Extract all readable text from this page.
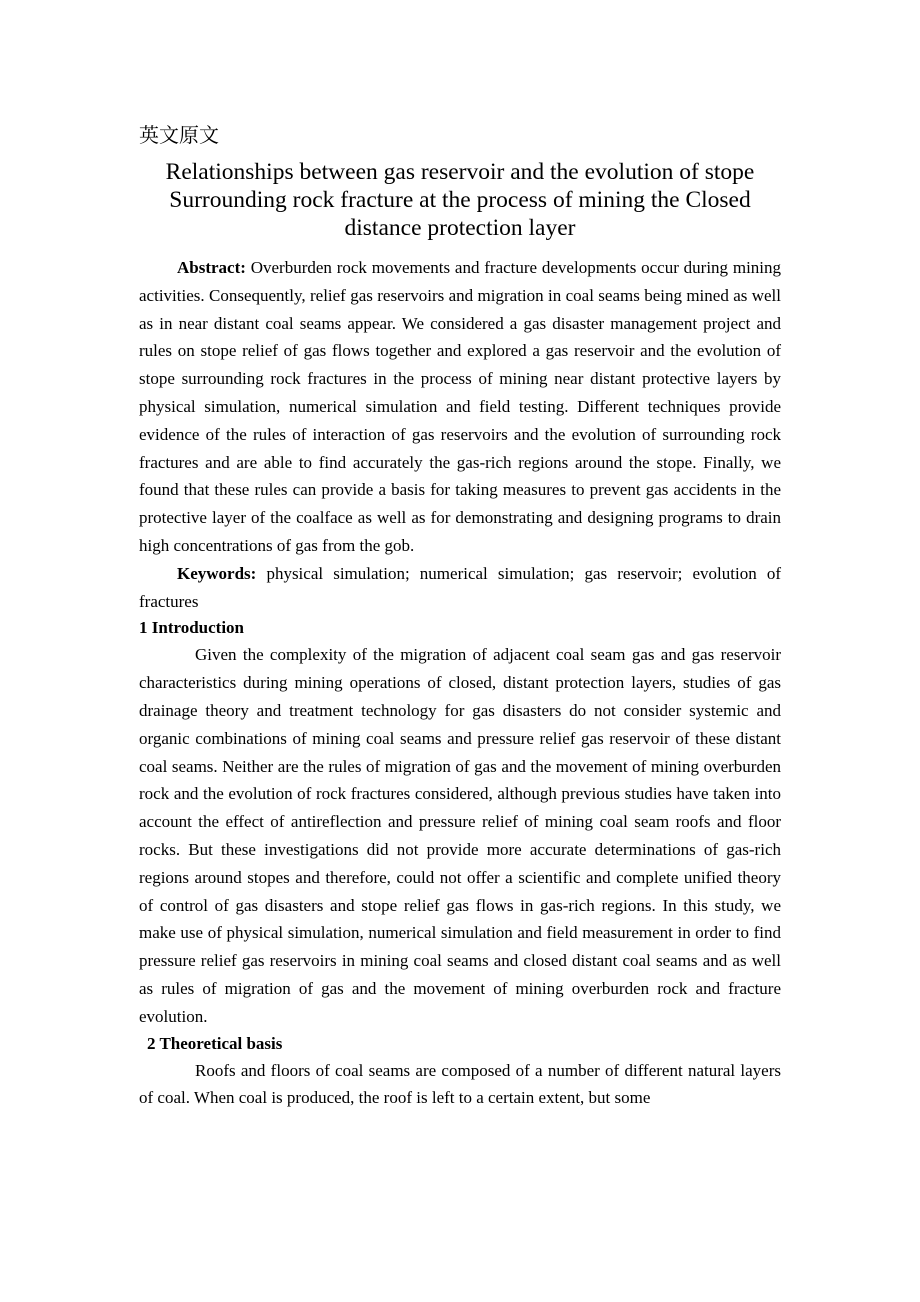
英文原文
Relationships between gas reservoir and the evolution of stope
Surrounding rock fracture at the process of mining the Closed
distance protection layer

Abstract: Overburden rock movements and fracture developments occur during mining activities. Consequently, relief gas reservoirs and migration in coal seams being mined as well as in near distant coal seams appear. We considered a gas disaster management project and rules on stope relief of gas flows together and explored a gas reservoir and the evolution of stope surrounding rock fractures in the process of mining near distant protective layers by physical simulation, numerical simulation and field testing. Different techniques provide evidence of the rules of interaction of gas reservoirs and the evolution of surrounding rock fractures and are able to find accurately the gas-rich regions around the stope. Finally, we found that these rules can provide a basis for taking measures to prevent gas accidents in the protective layer of the coalface as well as for demonstrating and designing programs to drain high concentrations of gas from the gob.

Keywords: physical simulation; numerical simulation; gas reservoir; evolution of fractures

1 Introduction

Given the complexity of the migration of adjacent coal seam gas and gas reservoir characteristics during mining operations of closed, distant protection layers, studies of gas drainage theory and treatment technology for gas disasters do not consider systemic and organic combinations of mining coal seams and pressure relief gas reservoir of these distant coal seams. Neither are the rules of migration of gas and the movement of mining overburden rock and the evolution of rock fractures considered, although previous studies have taken into account the effect of antireflection and pressure relief of mining coal seam roofs and floor rocks. But these investigations did not provide more accurate determinations of gas-rich regions around stopes and therefore, could not offer a scientific and complete unified theory of control of gas disasters and stope relief gas flows in gas-rich regions. In this study, we make use of physical simulation, numerical simulation and field measurement in order to find pressure relief gas reservoirs in mining coal seams and closed distant coal seams and as well as rules of migration of gas and the movement of mining overburden rock and fracture evolution.

2 Theoretical basis

Roofs and floors of coal seams are composed of a number of different natural layers of coal. When coal is produced, the roof is left to a certain extent, but some
